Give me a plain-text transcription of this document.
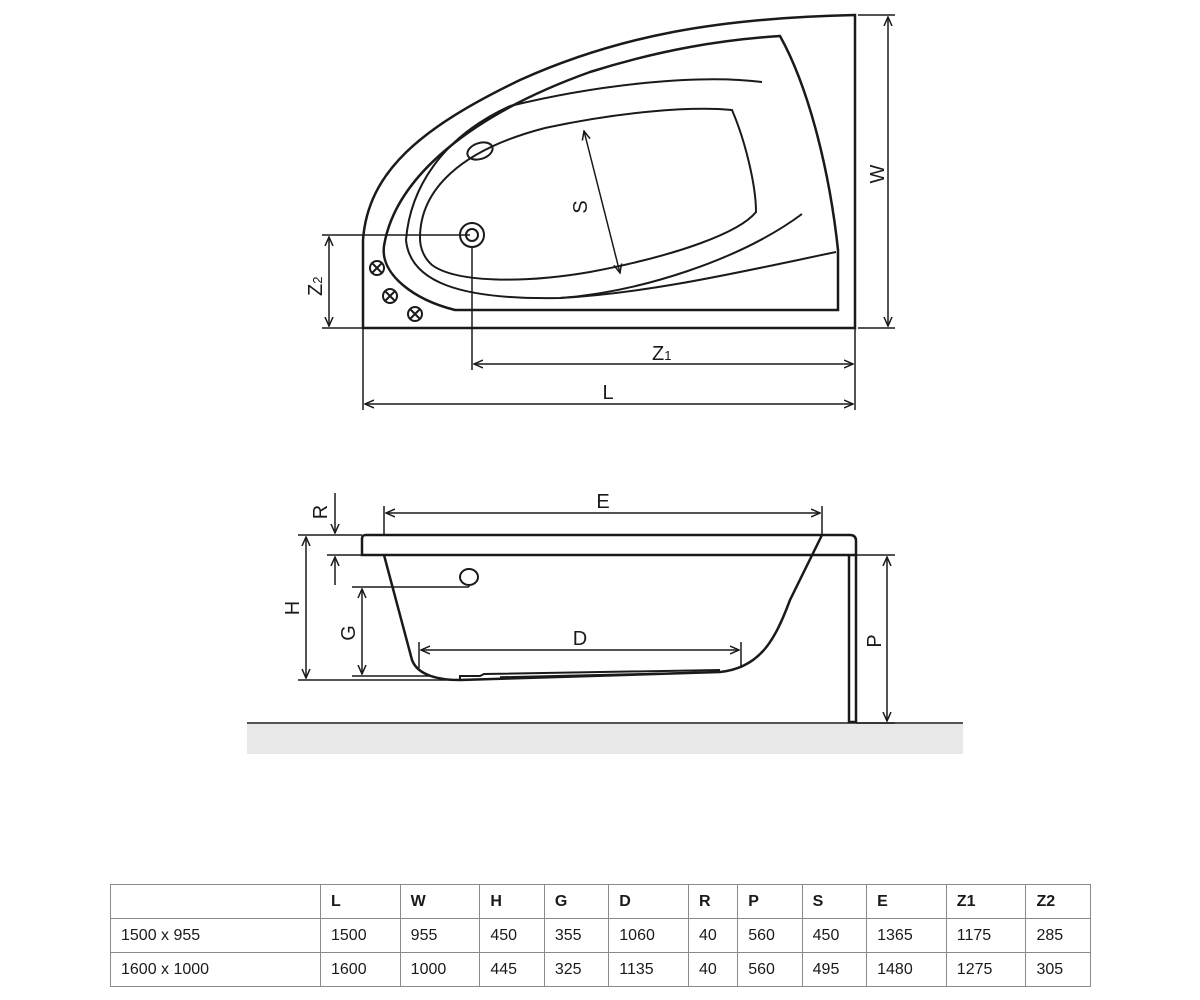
W
S
L
Z1
Z2
E
D
R
H
G
P
	L	W	H	G	D	R	P	S	E	Z1	Z2
1500 x 955	1500	955	450	355	1060	40	560	450	1365	1175	285
1600 x 1000	1600	1000	445	325	1135	40	560	495	1480	1275	305
